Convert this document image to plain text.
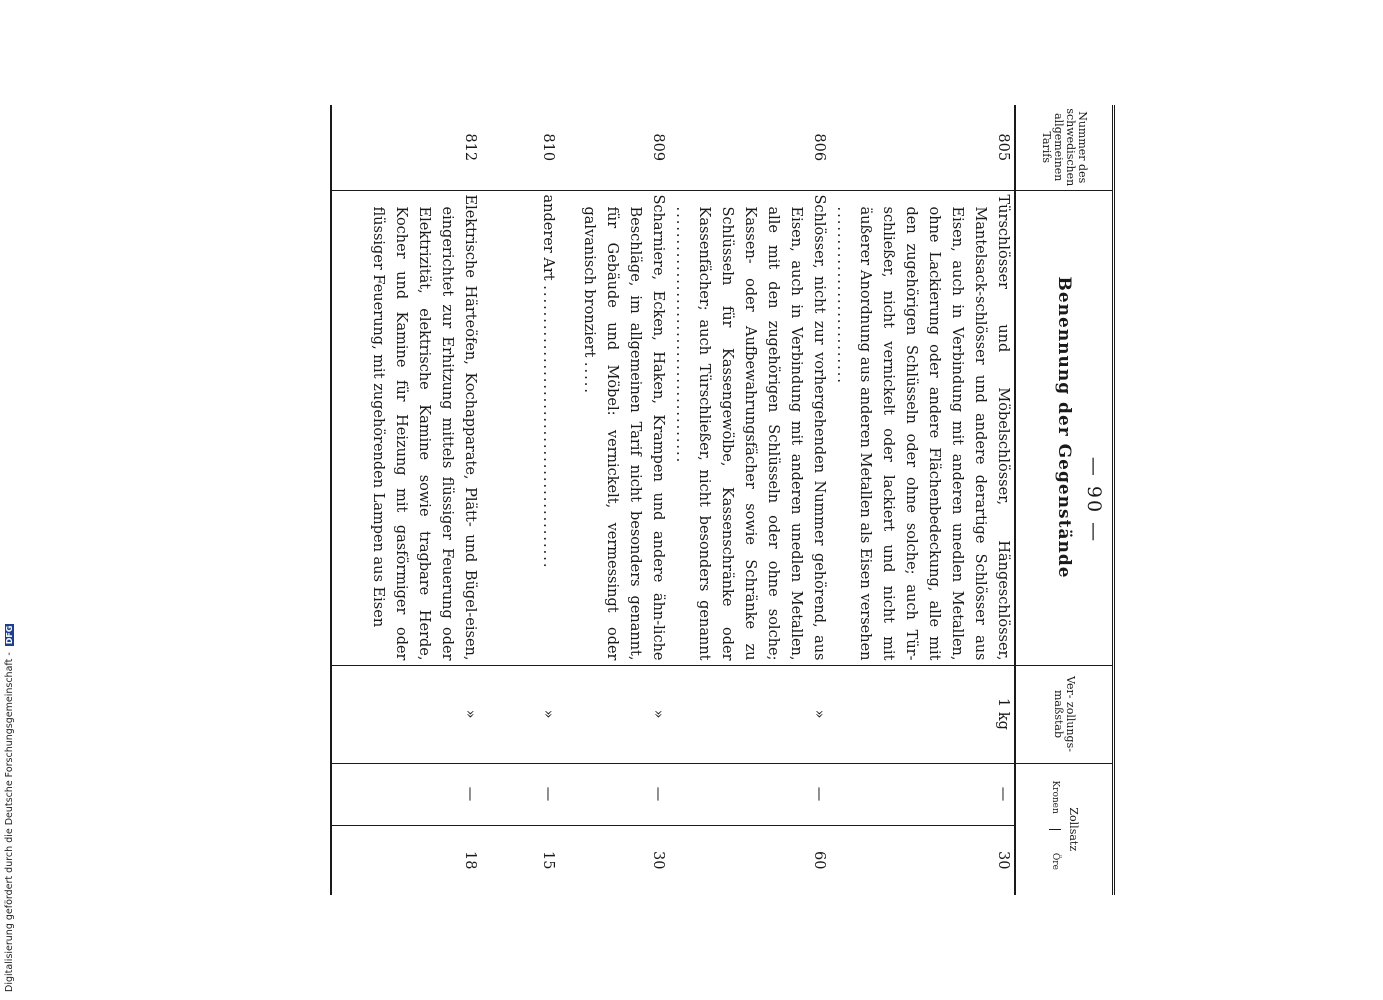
Digitalisierung gefördert durch die Deutsche Forschungsgemeinschaft - DFG
— 90 —
Nummer des schwedischen allgemeinen Tarifs	Benennung der Gegenstände	Ver- zollungs- maßstab	Zollsatz
Kronen
Öre	

805	Türschlösser und Möbelschlösser, Hängeschlösser, Mantelsack-schlösser und andere derartige Schlösser aus Eisen, auch in Verbindung mit anderen unedlen Metallen, ohne Lackierung oder andere Flächenbedeckung, alle mit den zugehörigen Schlüsseln oder ohne solche; auch Tür-schließer, nicht vernickelt oder lackiert und nicht mit äußerer Anordnung aus anderen Metallen als Eisen versehen ...........................	1 kg	—	30
806	Schlösser, nicht zur vorhergehenden Nummer gehörend, aus Eisen, auch in Verbindung mit anderen unedlen Metallen, alle mit den zugehörigen Schlüsseln oder ohne solche; Kassen- oder Aufbewahrungsfächer sowie Schränke zu Schlüsseln für Kassengewölbe, Kassenschränke oder Kassenfächer; auch Türschließer, nicht besonders genannt .......................................	»	—	60
809	Scharniere, Ecken, Haken, Krampen und andere ähn-liche Beschläge, im allgemeinen Tarif nicht besonders genannt, für Gebäude und Möbel: vernickelt, vermessingt oder galvanisch bronziert .....	»	—	30
810	anderer Art ...........................................	»	—	15
812	Elektrische Härteöfen, Kochapparate, Plätt- und Bügel-eisen, eingerichtet zur Erhitzung mittels flüssiger Feuerung oder Elektrizität, elektrische Kamine sowie tragbare Herde, Kocher und Kamine für Heizung mit gasförmiger oder flüssiger Feuerung, mit zugehörenden Lampen aus Eisen	»	—	18
